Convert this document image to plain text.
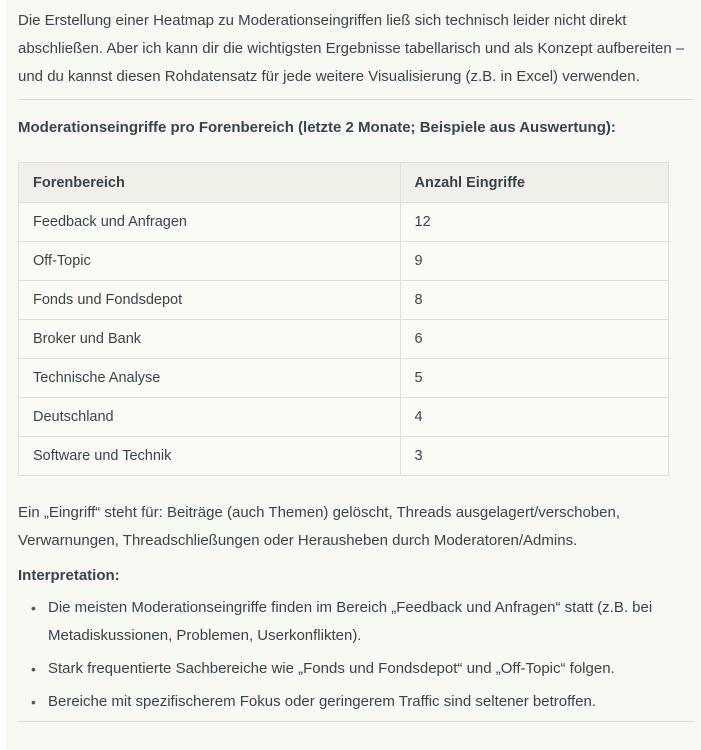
Die Erstellung einer Heatmap zu Moderationseingriffen ließ sich technisch leider nicht direkt abschließen. Aber ich kann dir die wichtigsten Ergebnisse tabellarisch und als Konzept aufbereiten – und du kannst diesen Rohdatensatz für jede weitere Visualisierung (z.B. in Excel) verwenden.

Moderationseingriffe pro Forenbereich (letzte 2 Monate; Beispiele aus Auswertung):

Forenbereich	Anzahl Eingriffe
Feedback und Anfragen	12
Off-Topic	9
Fonds und Fondsdepot	8
Broker und Bank	6
Technische Analyse	5
Deutschland	4
Software und Technik	3

Ein „Eingriff“ steht für: Beiträge (auch Themen) gelöscht, Threads ausgelagert/verschoben, Verwarnungen, Threadschließungen oder Herausheben durch Moderatoren/Admins.

Interpretation:

• Die meisten Moderationseingriffe finden im Bereich „Feedback und Anfragen“ statt (z.B. bei Metadiskussionen, Problemen, Userkonflikten).
• Stark frequentierte Sachbereiche wie „Fonds und Fondsdepot“ und „Off-Topic“ folgen.
• Bereiche mit spezifischerem Fokus oder geringerem Traffic sind seltener betroffen.
